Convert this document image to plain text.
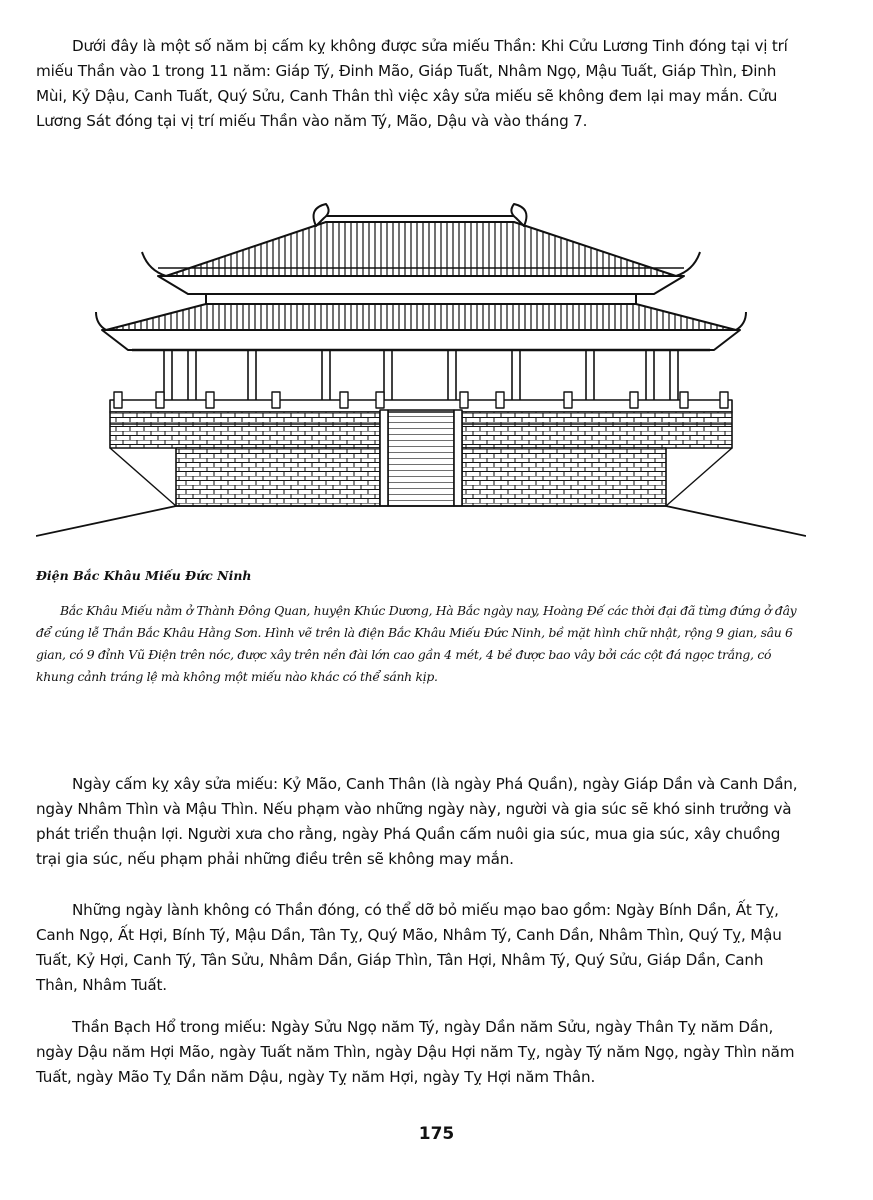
Dưới đây là một số năm bị cấm kỵ không được sửa miếu Thần: Khi Cửu Lương Tinh đóng tại vị trí miếu Thần vào 1 trong 11 năm: Giáp Tý, Đinh Mão, Giáp Tuất, Nhâm Ngọ, Mậu Tuất, Giáp Thìn, Đinh Mùi, Kỷ Dậu, Canh Tuất, Quý Sửu, Canh Thân thì việc xây sửa miếu sẽ không đem lại may mắn. Cửu Lương Sát đóng tại vị trí miếu Thần vào năm Tý, Mão, Dậu và vào tháng 7.

Điện Bắc Khâu Miếu Đức Ninh

Bắc Khâu Miếu nằm ở Thành Đông Quan, huyện Khúc Dương, Hà Bắc ngày nay, Hoàng Đế các thời đại đã từng đứng ở đây để cúng lễ Thần Bắc Khâu Hằng Sơn. Hình vẽ trên là điện Bắc Khâu Miếu Đức Ninh, bề mặt hình chữ nhật, rộng 9 gian, sâu 6 gian, có 9 đỉnh Vũ Điện trên nóc, được xây trên nền đài lớn cao gần 4 mét, 4 bề được bao vây bởi các cột đá ngọc trắng, có khung cảnh tráng lệ mà không một miếu nào khác có thể sánh kịp.

Ngày cấm kỵ xây sửa miếu: Kỷ Mão, Canh Thân (là ngày Phá Quần), ngày Giáp Dần và Canh Dần, ngày Nhâm Thìn và Mậu Thìn. Nếu phạm vào những ngày này, người và gia súc sẽ khó sinh trưởng và phát triển thuận lợi. Người xưa cho rằng, ngày Phá Quần cấm nuôi gia súc, mua gia súc, xây chuồng trại gia súc, nếu phạm phải những điều trên sẽ không may mắn.

Những ngày lành không có Thần đóng, có thể dỡ bỏ miếu mạo bao gồm: Ngày Bính Dần, Ất Tỵ, Canh Ngọ, Ất Hợi, Bính Tý, Mậu Dần, Tân Tỵ, Quý Mão, Nhâm Tý, Canh Dần, Nhâm Thìn, Quý Tỵ, Mậu Tuất, Kỷ Hợi, Canh Tý, Tân Sửu, Nhâm Dần, Giáp Thìn, Tân Hợi, Nhâm Tý, Quý Sửu, Giáp Dần, Canh Thân, Nhâm Tuất.

Thần Bạch Hổ trong miếu: Ngày Sửu Ngọ năm Tý, ngày Dần năm Sửu, ngày Thân Tỵ năm Dần, ngày Dậu năm Hợi Mão, ngày Tuất năm Thìn, ngày Dậu Hợi năm Tỵ, ngày Tý năm Ngọ, ngày Thìn năm Tuất, ngày Mão Tỵ Dần năm Dậu, ngày Tỵ năm Hợi, ngày Tỵ Hợi năm Thân.

175
